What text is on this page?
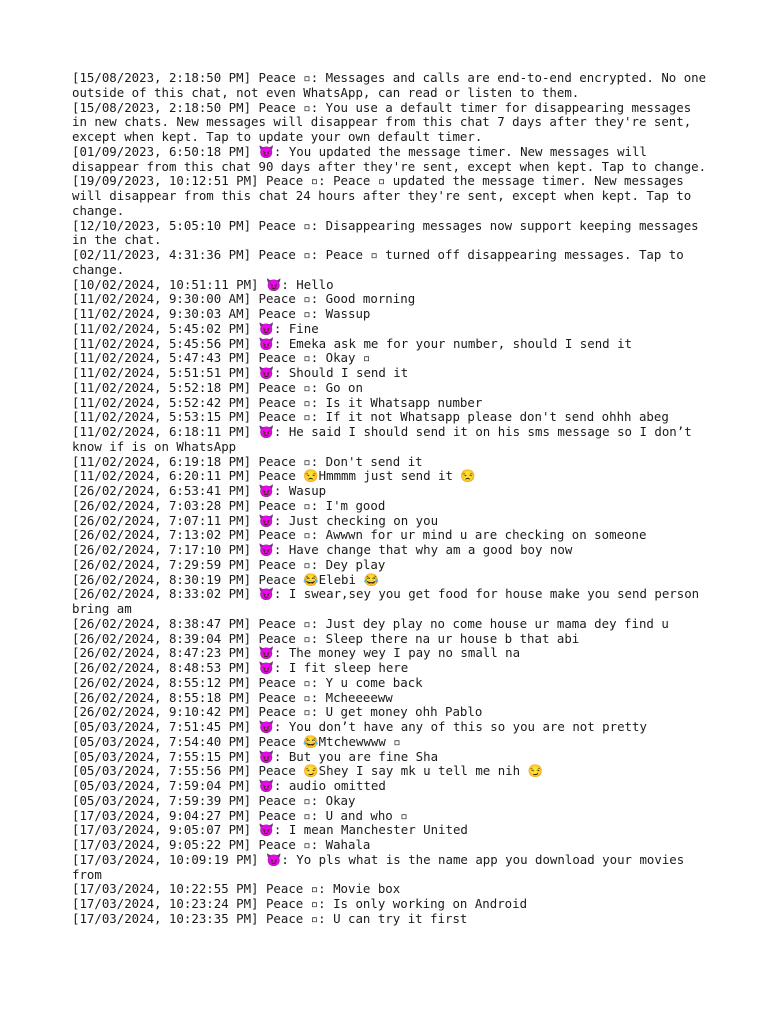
[15/08/2023, 2:18:50 PM] Peace ▫: Messages and calls are end-to-end encrypted. No one outside of this chat, not even WhatsApp, can read or listen to them.
[15/08/2023, 2:18:50 PM] Peace ▫: You use a default timer for disappearing messages in new chats. New messages will disappear from this chat 7 days after they're sent, except when kept. Tap to update your own default timer.
[01/09/2023, 6:50:18 PM] 😈: You updated the message timer. New messages will disappear from this chat 90 days after they're sent, except when kept. Tap to change.
[19/09/2023, 10:12:51 PM] Peace ▫: Peace ▫ updated the message timer. New messages will disappear from this chat 24 hours after they're sent, except when kept. Tap to change.
[12/10/2023, 5:05:10 PM] Peace ▫: Disappearing messages now support keeping messages in the chat.
[02/11/2023, 4:31:36 PM] Peace ▫: Peace ▫ turned off disappearing messages. Tap to change.
[10/02/2024, 10:51:11 PM] 😈: Hello
[11/02/2024, 9:30:00 AM] Peace ▫: Good morning
[11/02/2024, 9:30:03 AM] Peace ▫: Wassup
[11/02/2024, 5:45:02 PM] 😈: Fine
[11/02/2024, 5:45:56 PM] 😈: Emeka ask me for your number, should I send it
[11/02/2024, 5:47:43 PM] Peace ▫: Okay ▫
[11/02/2024, 5:51:51 PM] 😈: Should I send it
[11/02/2024, 5:52:18 PM] Peace ▫: Go on
[11/02/2024, 5:52:42 PM] Peace ▫: Is it Whatsapp number
[11/02/2024, 5:53:15 PM] Peace ▫: If it not Whatsapp please don't send ohhh abeg
[11/02/2024, 6:18:11 PM] 😈: He said I should send it on his sms message so I don’t know if is on WhatsApp
[11/02/2024, 6:19:18 PM] Peace ▫: Don't send it
[11/02/2024, 6:20:11 PM] Peace 😒Hmmmm just send it 😒
[26/02/2024, 6:53:41 PM] 😈: Wasup
[26/02/2024, 7:03:28 PM] Peace ▫: I'm good
[26/02/2024, 7:07:11 PM] 😈: Just checking on you
[26/02/2024, 7:13:02 PM] Peace ▫: Awwwn for ur mind u are checking on someone
[26/02/2024, 7:17:10 PM] 😈: Have change that why am a good boy now
[26/02/2024, 7:29:59 PM] Peace ▫: Dey play
[26/02/2024, 8:30:19 PM] Peace 😂Elebi 😂
[26/02/2024, 8:33:02 PM] 😈: I swear,sey you get food for house make you send person bring am
[26/02/2024, 8:38:47 PM] Peace ▫: Just dey play no come house ur mama dey find u
[26/02/2024, 8:39:04 PM] Peace ▫: Sleep there na ur house b that abi
[26/02/2024, 8:47:23 PM] 😈: The money wey I pay no small na
[26/02/2024, 8:48:53 PM] 😈: I fit sleep here
[26/02/2024, 8:55:12 PM] Peace ▫: Y u come back
[26/02/2024, 8:55:18 PM] Peace ▫: Mcheeeeww
[26/02/2024, 9:10:42 PM] Peace ▫: U get money ohh Pablo
[05/03/2024, 7:51:45 PM] 😈: You don’t have any of this so you are not pretty
[05/03/2024, 7:54:40 PM] Peace 😂Mtchewwww ▫
[05/03/2024, 7:55:15 PM] 😈: But you are fine Sha
[05/03/2024, 7:55:56 PM] Peace 😏Shey I say mk u tell me nih 😏
[05/03/2024, 7:59:04 PM] 😈: audio omitted
[05/03/2024, 7:59:39 PM] Peace ▫: Okay
[17/03/2024, 9:04:27 PM] Peace ▫: U and who ▫
[17/03/2024, 9:05:07 PM] 😈: I mean Manchester United
[17/03/2024, 9:05:22 PM] Peace ▫: Wahala
[17/03/2024, 10:09:19 PM] 😈: Yo pls what is the name app you download your movies from
[17/03/2024, 10:22:55 PM] Peace ▫: Movie box
[17/03/2024, 10:23:24 PM] Peace ▫: Is only working on Android
[17/03/2024, 10:23:35 PM] Peace ▫: U can try it first
